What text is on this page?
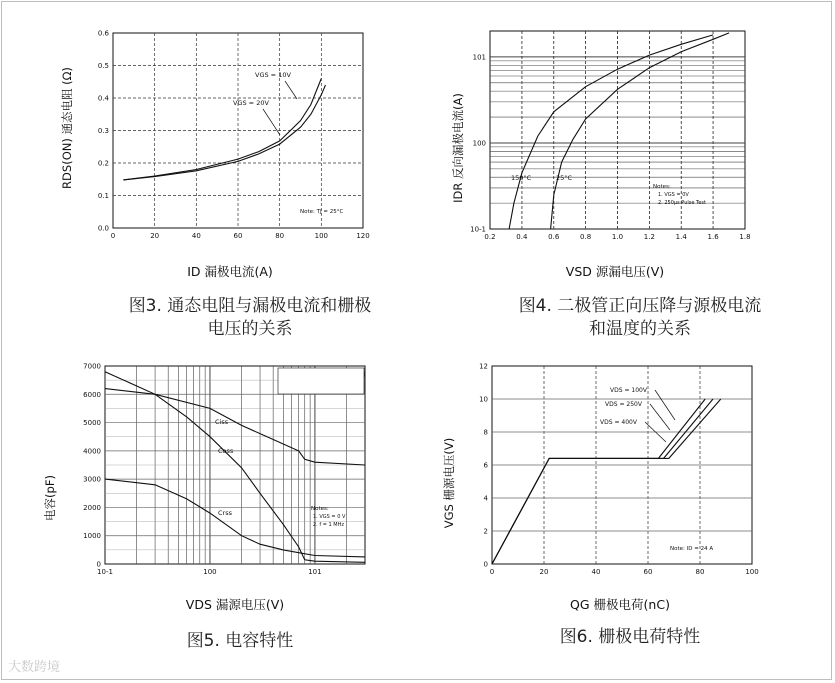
0	20	40	60	80	100	120
0.0
0.1
0.2
0.3
0.4
0.5
0.6
VGS = 10V
VGS = 20V
Note: TJ = 25°C
RDS(ON) 通态电阻 (Ω)
ID 漏极电流(A)
图3. 通态电阻与漏极电流和栅极
电压的关系
0.2	0.4	0.6	0.8	1.0	1.2	1.4	1.6	1.8
10-1
100
101
150°C	25°C
Notes:
1. VGS = 0V
2. 250μs Pulse Test
IDR 反向漏极电流(A)
VSD 源漏电压(V)
图4. 二极管正向压降与源极电流
和温度的关系
10-1	100	101
0
1000
2000
3000
4000
5000
6000
7000
Notes:
1. VGS = 0 V
2. f = 1 MHz
Ciss
Coss
Crss
电容(pF)
VDS 漏源电压(V)
图5. 电容特性
0	20	40	60	80	100
0
2
4
6
8
10
12
VDS = 100V
VDS = 250V
VDS = 400V
Note: ID = 24 A
VGS 栅源电压(V)
QG 栅极电荷(nC)
图6. 栅极电荷特性
大数跨境
